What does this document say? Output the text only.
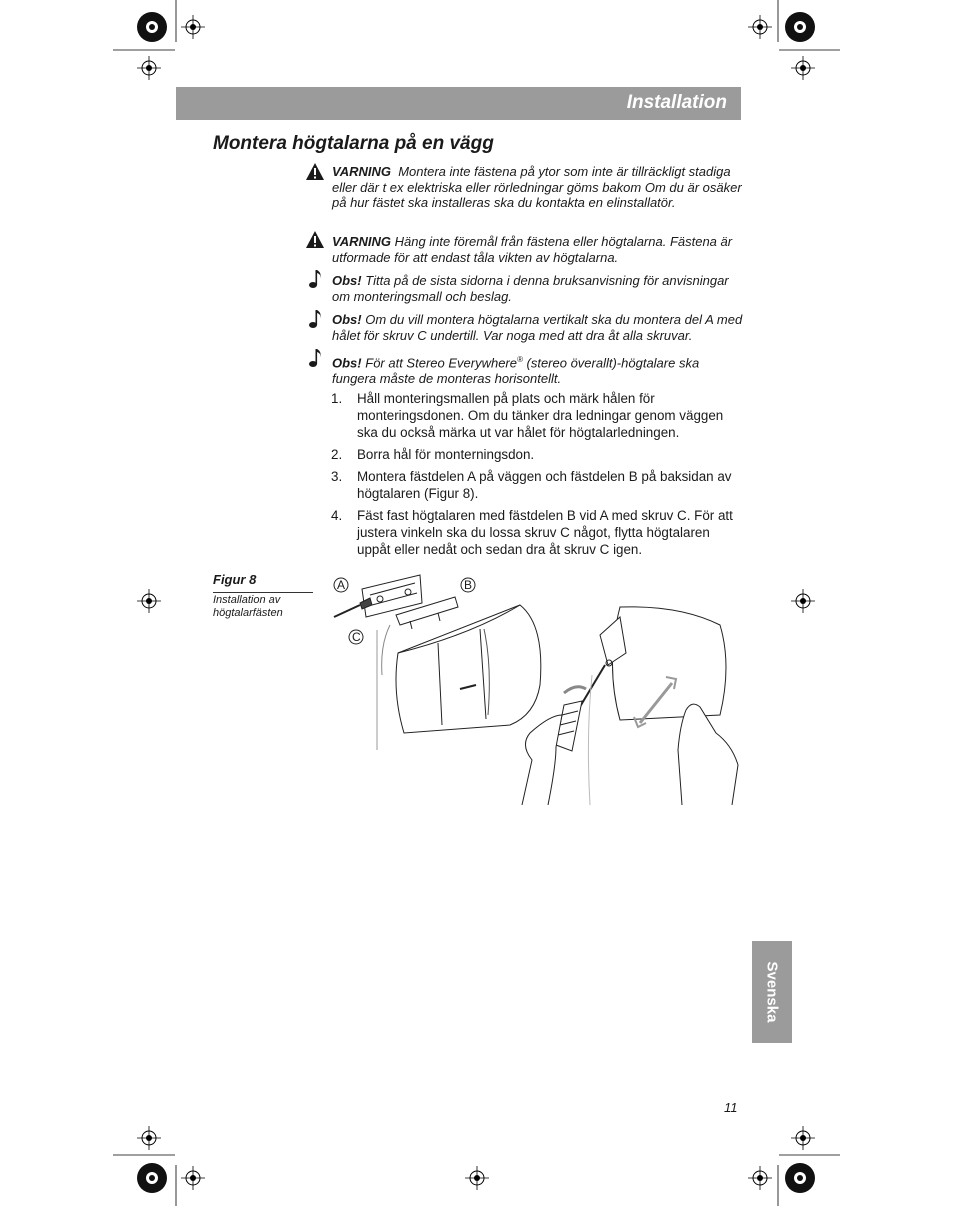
Installation
Montera högtalarna på en vägg
VARNING Montera inte fästena på ytor som inte är tillräckligt stadiga eller där t ex elektriska eller rörledningar göms bakom Om du är osäker på hur fästet ska installeras ska du kontakta en elinstallatör.
VARNING Häng inte föremål från fästena eller högtalarna. Fästena är utformade för att endast tåla vikten av högtalarna.
Obs! Titta på de sista sidorna i denna bruksanvisning för anvisningar om monteringsmall och beslag.
Obs! Om du vill montera högtalarna vertikalt ska du montera del A med hålet för skruv C undertill. Var noga med att dra åt alla skruvar.
Obs! För att Stereo Everywhere® (stereo överallt)-högtalare ska fungera måste de monteras horisontellt.
1. Håll monteringsmallen på plats och märk hålen för monteringsdonen. Om du tänker dra ledningar genom väggen ska du också märka ut var hålet för högtalarledningen.
2. Borra hål för monterningsdon.
3. Montera fästdelen A på väggen och fästdelen B på baksidan av högtalaren (Figur 8).
4. Fäst fast högtalaren med fästdelen B vid A med skruv C. För att justera vinkeln ska du lossa skruv C något, flytta högtalaren uppåt eller nedåt och sedan dra åt skruv C igen.
Figur 8
Installation av högtalarfästen
A	B
C
Svenska
11
